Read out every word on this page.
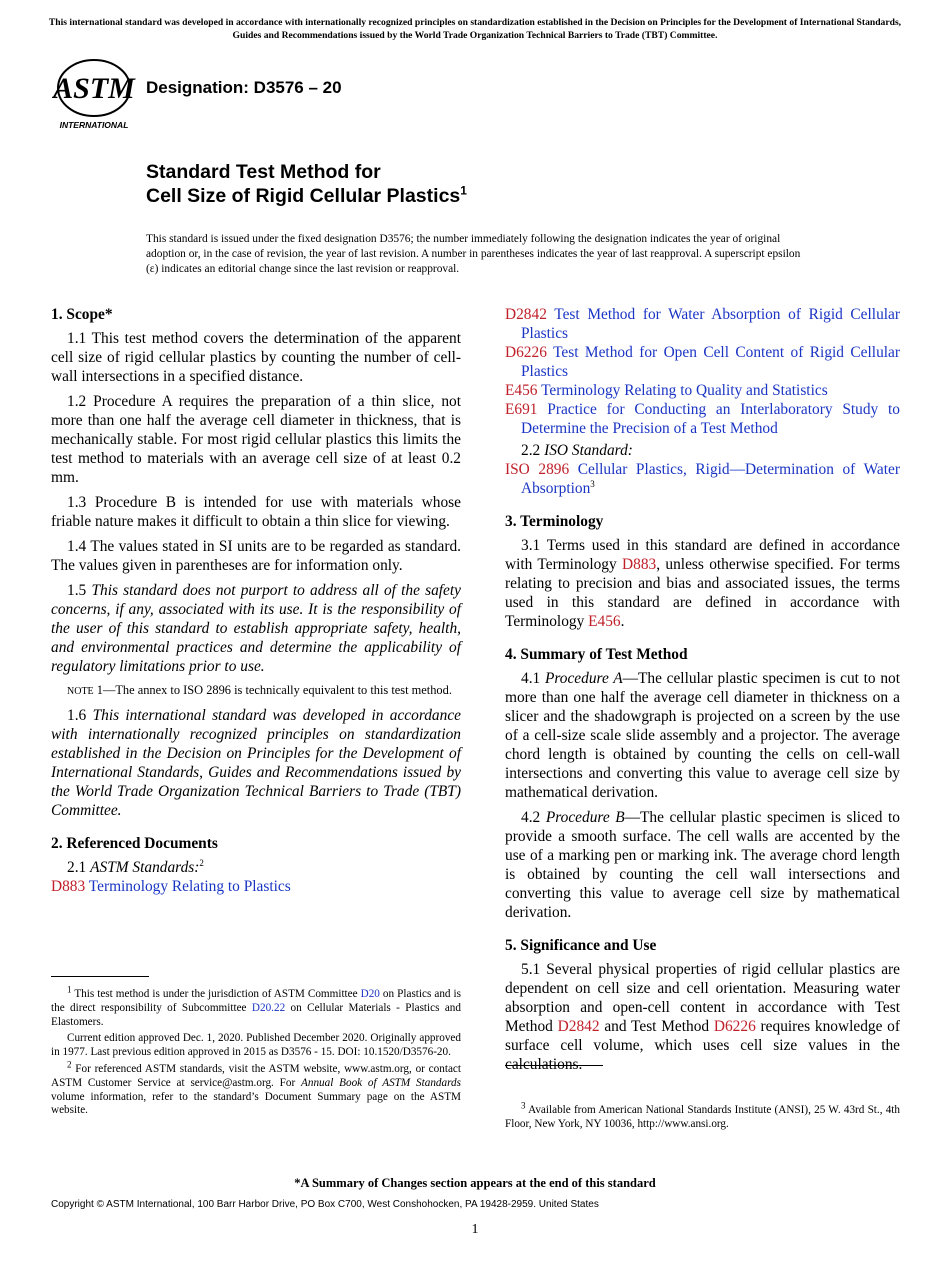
This international standard was developed in accordance with internationally recognized principles on standardization established in the Decision on Principles for the Development of International Standards, Guides and Recommendations issued by the World Trade Organization Technical Barriers to Trade (TBT) Committee.
ASTM
INTERNATIONAL
Designation: D3576 – 20
Standard Test Method for
Cell Size of Rigid Cellular Plastics$^1$
This standard is issued under the fixed designation D3576; the number immediately following the designation indicates the year of original adoption or, in the case of revision, the year of last revision. A number in parentheses indicates the year of last reapproval. A superscript epsilon (ε) indicates an editorial change since the last revision or reapproval.
1. Scope*

1.1 This test method covers the determination of the apparent cell size of rigid cellular plastics by counting the number of cell-wall intersections in a specified distance.

1.2 Procedure A requires the preparation of a thin slice, not more than one half the average cell diameter in thickness, that is mechanically stable. For most rigid cellular plastics this limits the test method to materials with an average cell size of at least 0.2 mm.

1.3 Procedure B is intended for use with materials whose friable nature makes it difficult to obtain a thin slice for viewing.

1.4 The values stated in SI units are to be regarded as standard. The values given in parentheses are for information only.

1.5 This standard does not purport to address all of the safety concerns, if any, associated with its use. It is the responsibility of the user of this standard to establish appropriate safety, health, and environmental practices and determine the applicability of regulatory limitations prior to use.

NOTE 1—The annex to ISO 2896 is technically equivalent to this test method.

1.6 This international standard was developed in accordance with internationally recognized principles on standardization established in the Decision on Principles for the Development of International Standards, Guides and Recommendations issued by the World Trade Organization Technical Barriers to Trade (TBT) Committee.

2. Referenced Documents

2.1 ASTM Standards:$^2$

D883 Terminology Relating to Plastics
D2842 Test Method for Water Absorption of Rigid Cellular Plastics
D6226 Test Method for Open Cell Content of Rigid Cellular Plastics
E456 Terminology Relating to Quality and Statistics
E691 Practice for Conducting an Interlaboratory Study to Determine the Precision of a Test Method

2.2 ISO Standard:

ISO 2896 Cellular Plastics, Rigid—Determination of Water Absorption$^3$
3. Terminology

3.1 Terms used in this standard are defined in accordance with Terminology D883, unless otherwise specified. For terms relating to precision and bias and associated issues, the terms used in this standard are defined in accordance with Terminology E456.

4. Summary of Test Method

4.1 Procedure A—The cellular plastic specimen is cut to not more than one half the average cell diameter in thickness on a slicer and the shadowgraph is projected on a screen by the use of a cell-size scale slide assembly and a projector. The average chord length is obtained by counting the cells on cell-wall intersections and converting this value to average cell size by mathematical derivation.

4.2 Procedure B—The cellular plastic specimen is sliced to provide a smooth surface. The cell walls are accented by the use of a marking pen or marking ink. The average chord length is obtained by counting the cell wall intersections and converting this value to average cell size by mathematical derivation.

5. Significance and Use

5.1 Several physical properties of rigid cellular plastics are dependent on cell size and cell orientation. Measuring water absorption and open-cell content in accordance with Test Method D2842 and Test Method D6226 requires knowledge of surface cell volume, which uses cell size values in the calculations.

$^1$ This test method is under the jurisdiction of ASTM Committee D20 on Plastics and is the direct responsibility of Subcommittee D20.22 on Cellular Materials - Plastics and Elastomers.

Current edition approved Dec. 1, 2020. Published December 2020. Originally approved in 1977. Last previous edition approved in 2015 as D3576 - 15. DOI: 10.1520/D3576-20.

$^2$ For referenced ASTM standards, visit the ASTM website, www.astm.org, or contact ASTM Customer Service at service@astm.org. For Annual Book of ASTM Standards volume information, refer to the standard’s Document Summary page on the ASTM website.	$^3$ Available from American National Standards Institute (ANSI), 25 W. 43rd St., 4th Floor, New York, NY 10036, http://www.ansi.org.

*A Summary of Changes section appears at the end of this standard
Copyright © ASTM International, 100 Barr Harbor Drive, PO Box C700, West Conshohocken, PA 19428-2959. United States
1
